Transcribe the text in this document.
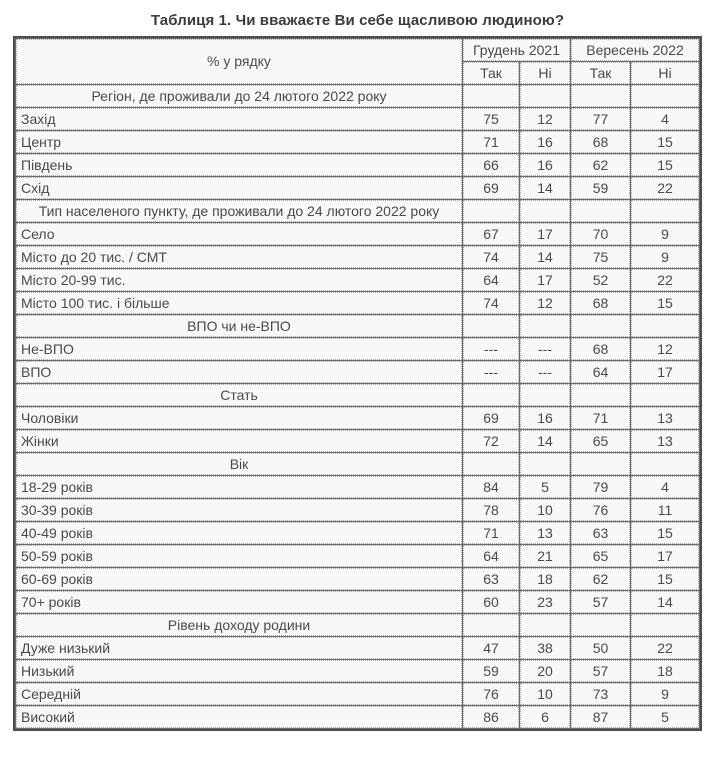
Таблиця 1. Чи вважаєте Ви себе щасливою людиною?
% у рядку	Грудень 2021		Вересень 2022	
	Так	Ні	Так	Ні
Регіон, де проживали до 24 лютого 2022 року				
Захід	75	12	77	4
Центр	71	16	68	15
Південь	66	16	62	15
Схід	69	14	59	22
Тип населеного пункту, де проживали до 24 лютого 2022 року				
Село	67	17	70	9
Місто до 20 тис. / СМТ	74	14	75	9
Місто 20-99 тис.	64	17	52	22
Місто 100 тис. і більше	74	12	68	15
ВПО чи не-ВПО				
Не-ВПО	---	---	68	12
ВПО	---	---	64	17
Стать				
Чоловіки	69	16	71	13
Жінки	72	14	65	13
Вік				
18-29 років	84	5	79	4
30-39 років	78	10	76	11
40-49 років	71	13	63	15
50-59 років	64	21	65	17
60-69 років	63	18	62	15
70+ років	60	23	57	14
Рівень доходу родини				
Дуже низький	47	38	50	22
Низький	59	20	57	18
Середній	76	10	73	9
Високий	86	6	87	5
